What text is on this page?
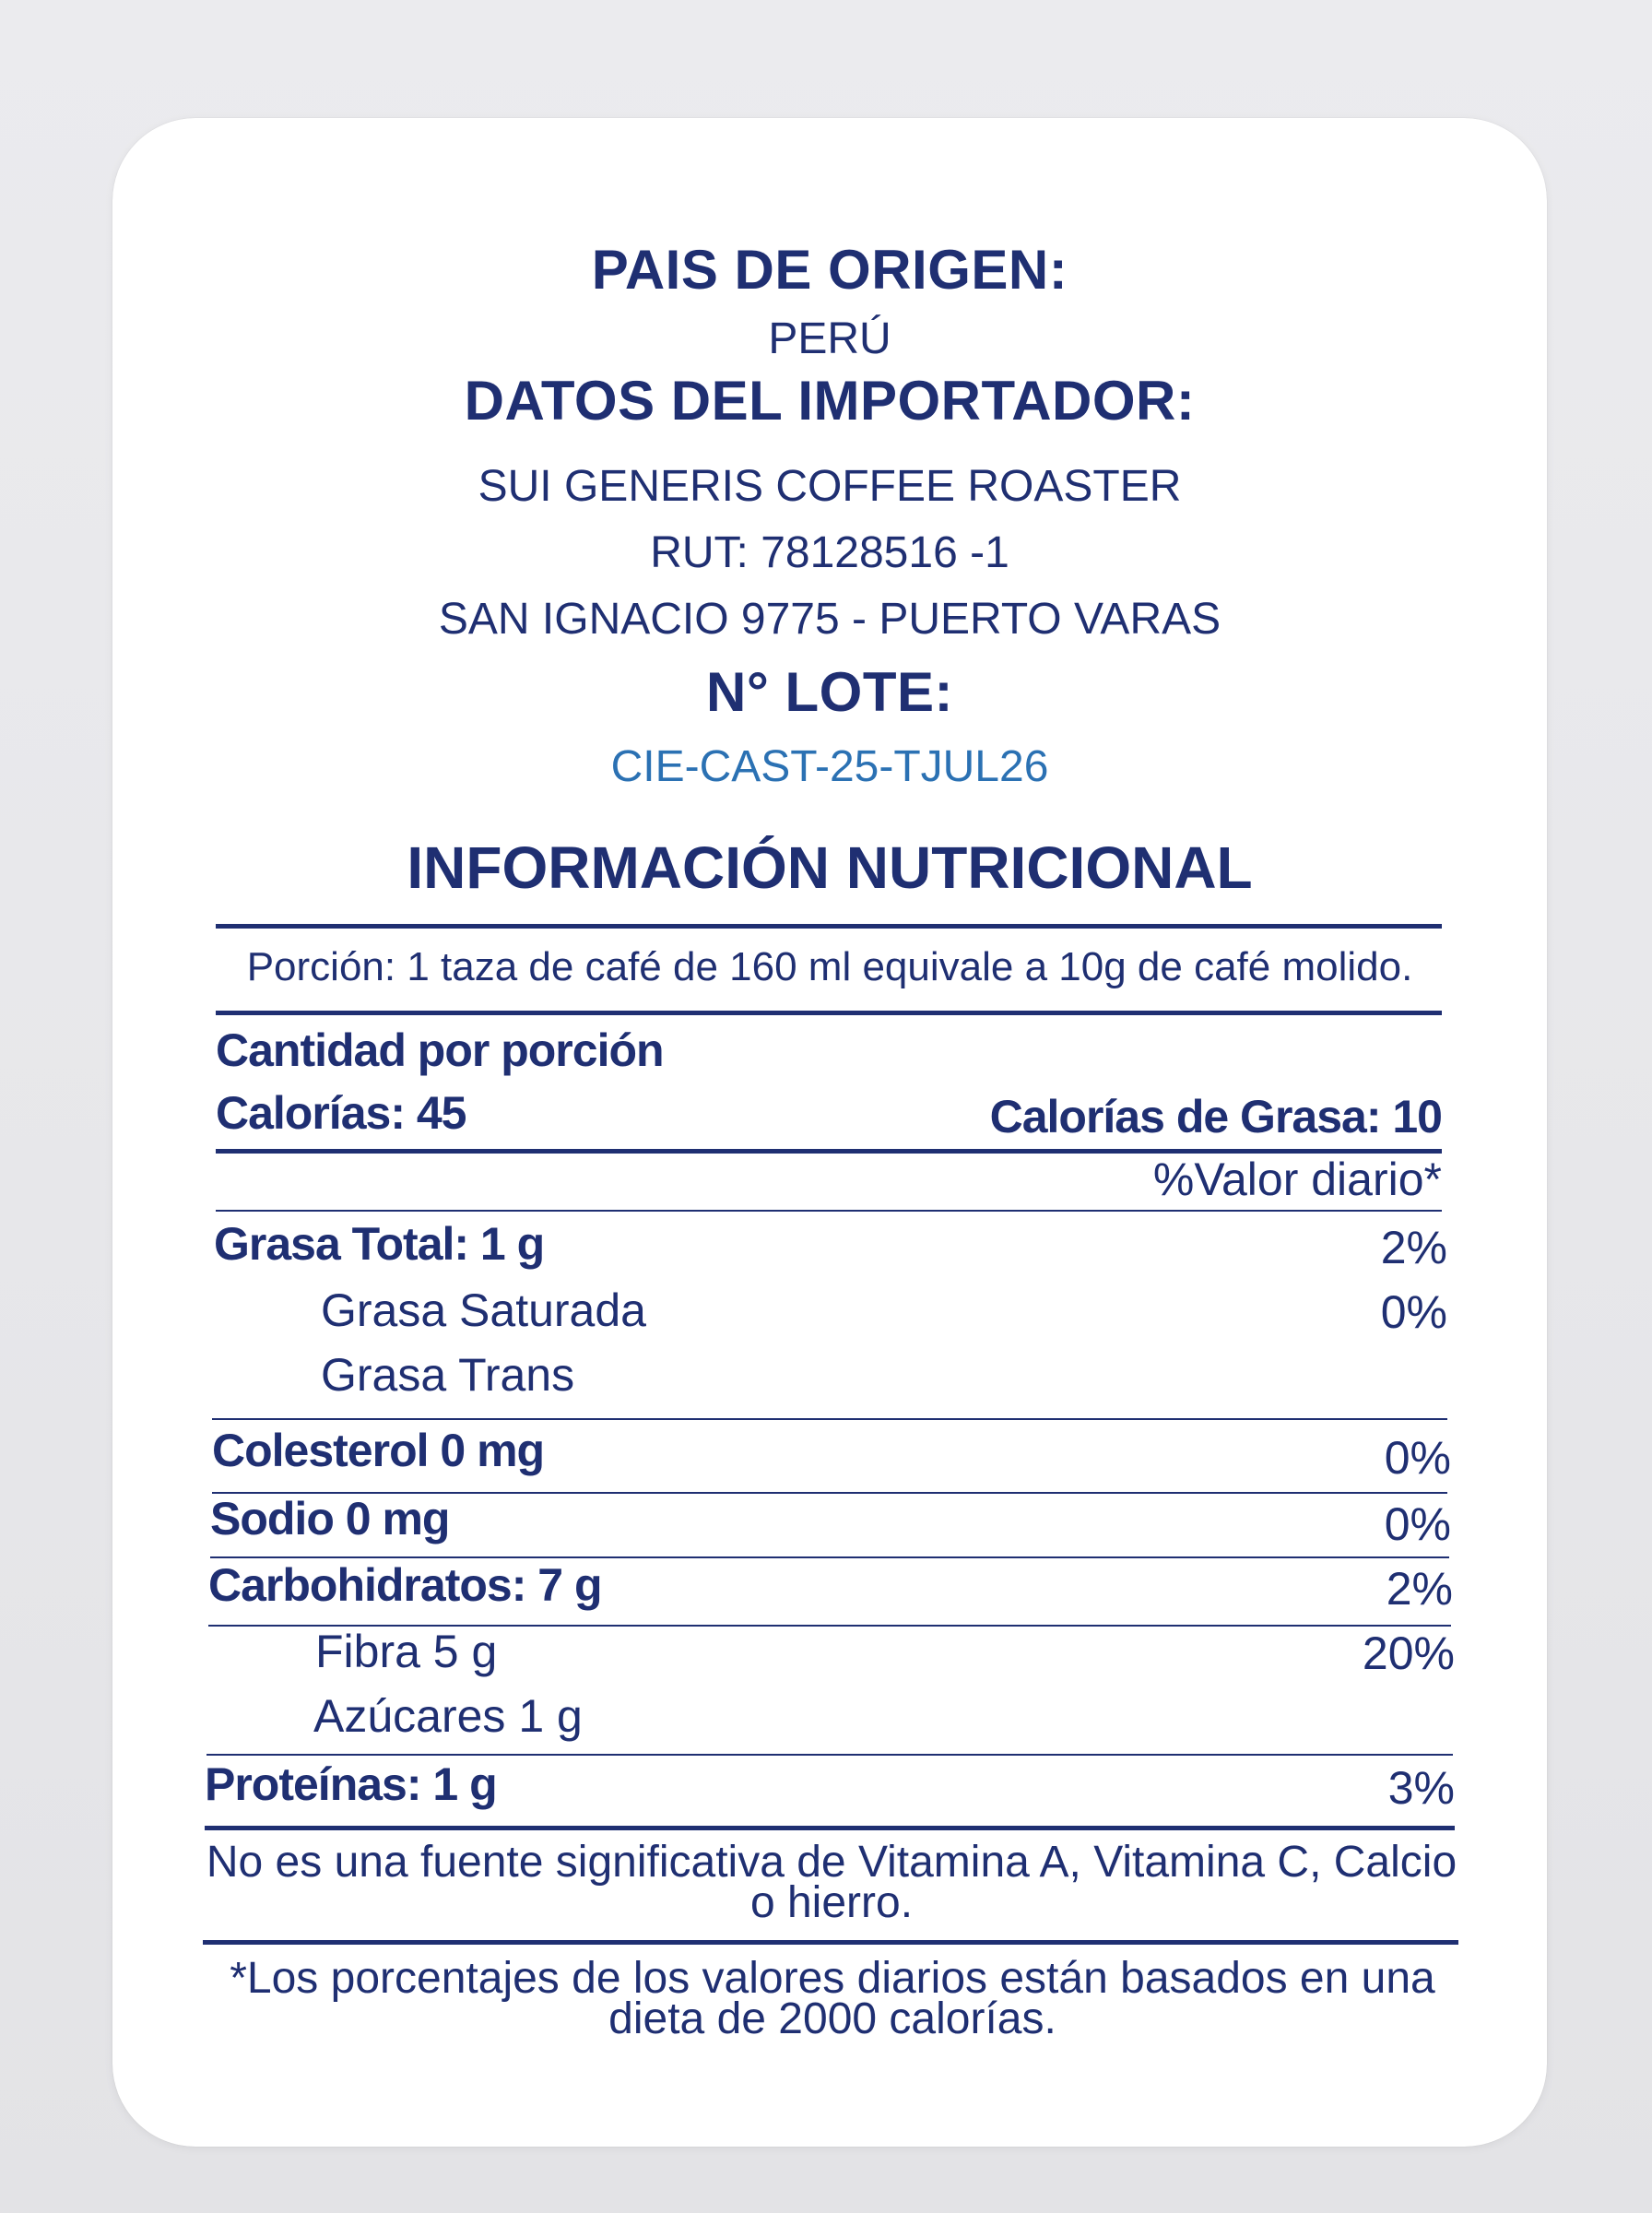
PAIS DE ORIGEN:
PERÚ
DATOS DEL IMPORTADOR:
SUI GENERIS COFFEE ROASTER
RUT: 78128516 -1
SAN IGNACIO 9775 - PUERTO VARAS
N° LOTE:
CIE-CAST-25-TJUL26
INFORMACIÓN NUTRICIONAL
Porción: 1 taza de café de 160 ml equivale a 10g de café molido.
Cantidad por porción
Calorías: 45	Calorías de Grasa: 10
%Valor diario*
Grasa Total: 1 g	2%
Grasa Saturada	0%
Grasa Trans
Colesterol 0 mg	0%
Sodio 0 mg	0%
Carbohidratos: 7 g	2%
Fibra 5 g	20%
Azúcares 1 g
Proteínas: 1 g	3%
No es una fuente significativa de Vitamina A, Vitamina C, Calcio o hierro.
*Los porcentajes de los valores diarios están basados en una dieta de 2000 calorías.
